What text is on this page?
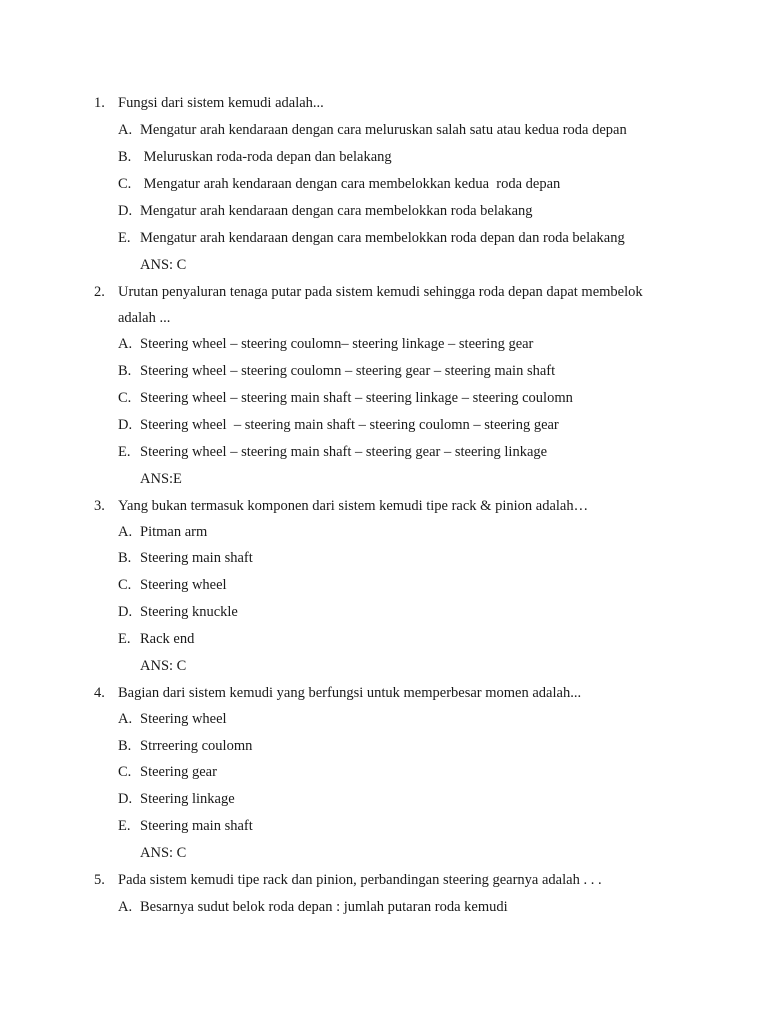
1. Fungsi dari sistem kemudi adalah...
A. Mengatur arah kendaraan dengan cara meluruskan salah satu atau kedua roda depan
B. Meluruskan roda-roda depan dan belakang
C. Mengatur arah kendaraan dengan cara membelokkan kedua  roda depan
D. Mengatur arah kendaraan dengan cara membelokkan roda belakang
E. Mengatur arah kendaraan dengan cara membelokkan roda depan dan roda belakang
ANS: C
2. Urutan penyaluran tenaga putar pada sistem kemudi sehingga roda depan dapat membelok
adalah ...
A. Steering wheel – steering coulomn– steering linkage – steering gear
B. Steering wheel – steering coulomn – steering gear – steering main shaft
C. Steering wheel – steering main shaft – steering linkage – steering coulomn
D. Steering wheel  – steering main shaft – steering coulomn – steering gear
E. Steering wheel – steering main shaft – steering gear – steering linkage
ANS:E
3. Yang bukan termasuk komponen dari sistem kemudi tipe rack & pinion adalah…
A. Pitman arm
B. Steering main shaft
C. Steering wheel
D. Steering knuckle
E. Rack end
ANS: C
4. Bagian dari sistem kemudi yang berfungsi untuk memperbesar momen adalah...
A. Steering wheel
B. Strreering coulomn
C. Steering gear
D. Steering linkage
E. Steering main shaft
ANS: C
5. Pada sistem kemudi tipe rack dan pinion, perbandingan steering gearnya adalah . . .
A. Besarnya sudut belok roda depan : jumlah putaran roda kemudi
